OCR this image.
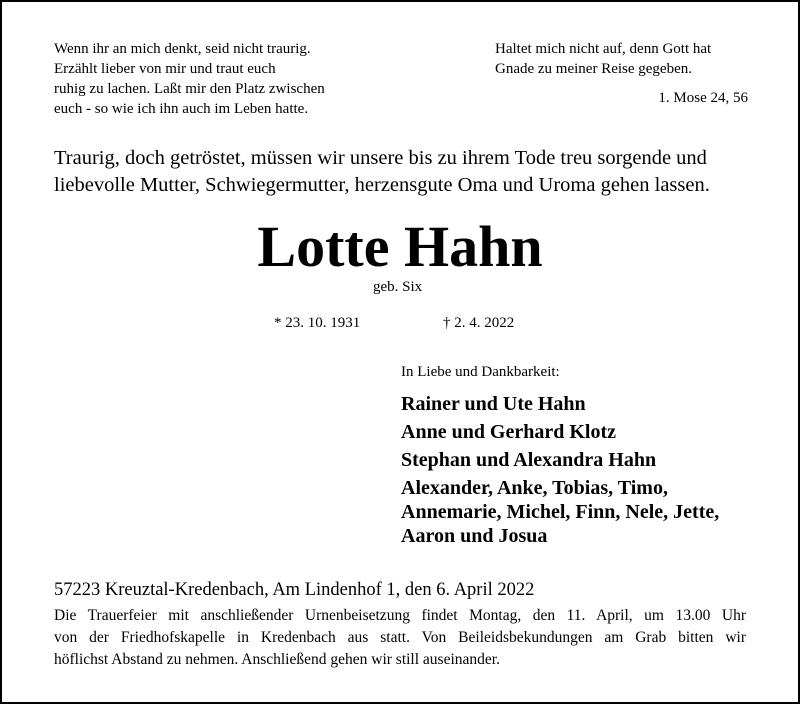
Wenn ihr an mich denkt, seid nicht traurig.
Erzählt lieber von mir und traut euch
ruhig zu lachen. Laßt mir den Platz zwischen
euch - so wie ich ihn auch im Leben hatte.
Haltet mich nicht auf, denn Gott hat
Gnade zu meiner Reise gegeben.
1. Mose 24, 56
Traurig, doch getröstet, müssen wir unsere bis zu ihrem Tode treu sorgende und
liebevolle Mutter, Schwiegermutter, herzensgute Oma und Uroma gehen lassen.
Lotte Hahn
geb. Six
* 23. 10. 1931	† 2. 4. 2022
In Liebe und Dankbarkeit:
Rainer und Ute Hahn
Anne und Gerhard Klotz
Stephan und Alexandra Hahn
Alexander, Anke, Tobias, Timo,
Annemarie, Michel, Finn, Nele, Jette,
Aaron und Josua
57223 Kreuztal-Kredenbach, Am Lindenhof 1, den 6. April 2022
Die Trauerfeier mit anschließender Urnenbeisetzung findet Montag, den 11. April, um 13.00 Uhr
von der Friedhofskapelle in Kredenbach aus statt. Von Beileidsbekundungen am Grab bitten wir
höflichst Abstand zu nehmen. Anschließend gehen wir still auseinander.
